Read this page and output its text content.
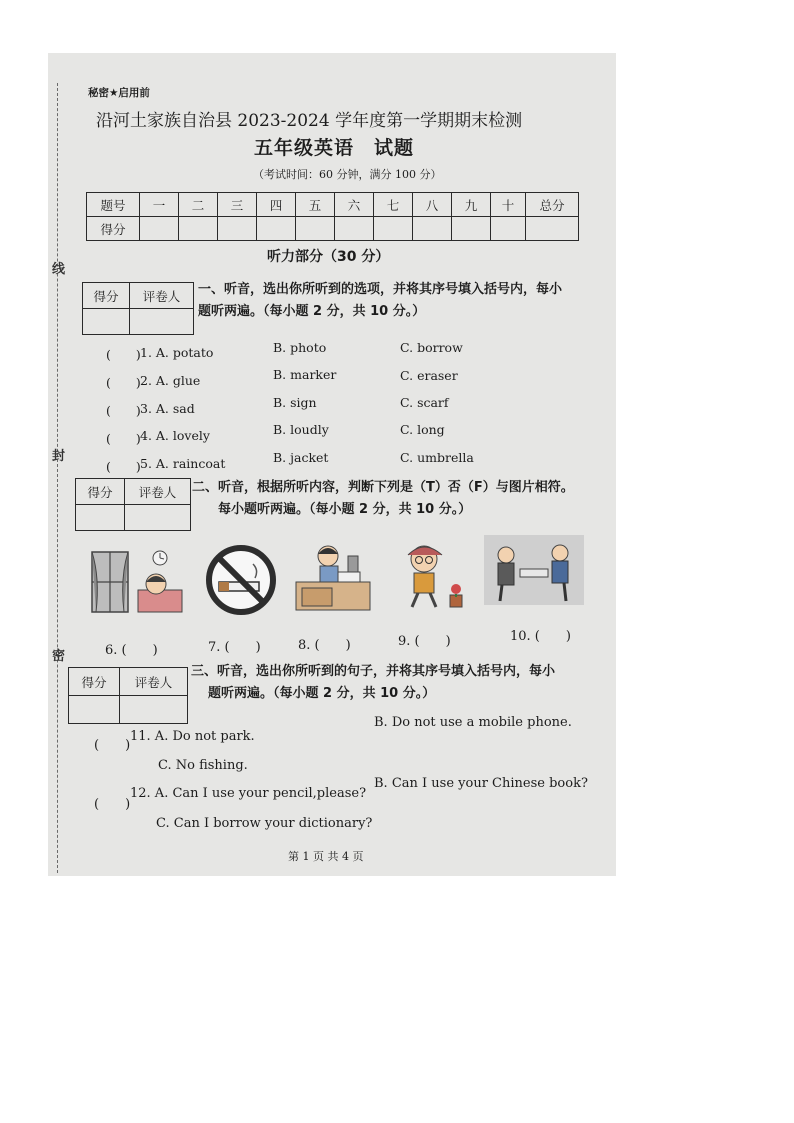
线
封
密
秘密★启用前
沿河土家族自治县 2023-2024 学年度第一学期期末检测
五年级英语　试题
（考试时间：60 分钟，满分 100 分）
题号	一	二	三	四	五	六	七	八	九	十	总分
得分											
听力部分（30 分）
得分	评卷人
	一、听音，选出你所听到的选项，并将其序号填入括号内，每小
题听两遍。（每小题 2 分，共 10 分。）
(　　) 1. A. potato	B. photo	C. borrow
(　　) 2. A. glue	B. marker	C. eraser
(　　) 3. A. sad	B. sign	C. scarf
(　　) 4. A. lovely	B. loudly	C. long
(　　) 5. A. raincoat	B. jacket	C. umbrella
得分	评卷人
	二、听音，根据所听内容，判断下列是（T）否（F）与图片相符。
每小题听两遍。（每小题 2 分，共 10 分。）
6. (　　)	7. (　　)	8. (　　)	9. (　　)	10. (　　)
得分	评卷人

三、听音，选出你所听到的句子，并将其序号填入括号内，每小
题听两遍。（每小题 2 分，共 10 分。）
(　　)
11. A. Do not park.
B. Do not use a mobile phone.
C. No fishing.
(　　)
12. A. Can I use your pencil,please?
B. Can I use your Chinese book?
C. Can I borrow your dictionary?
第 1 页 共 4 页
